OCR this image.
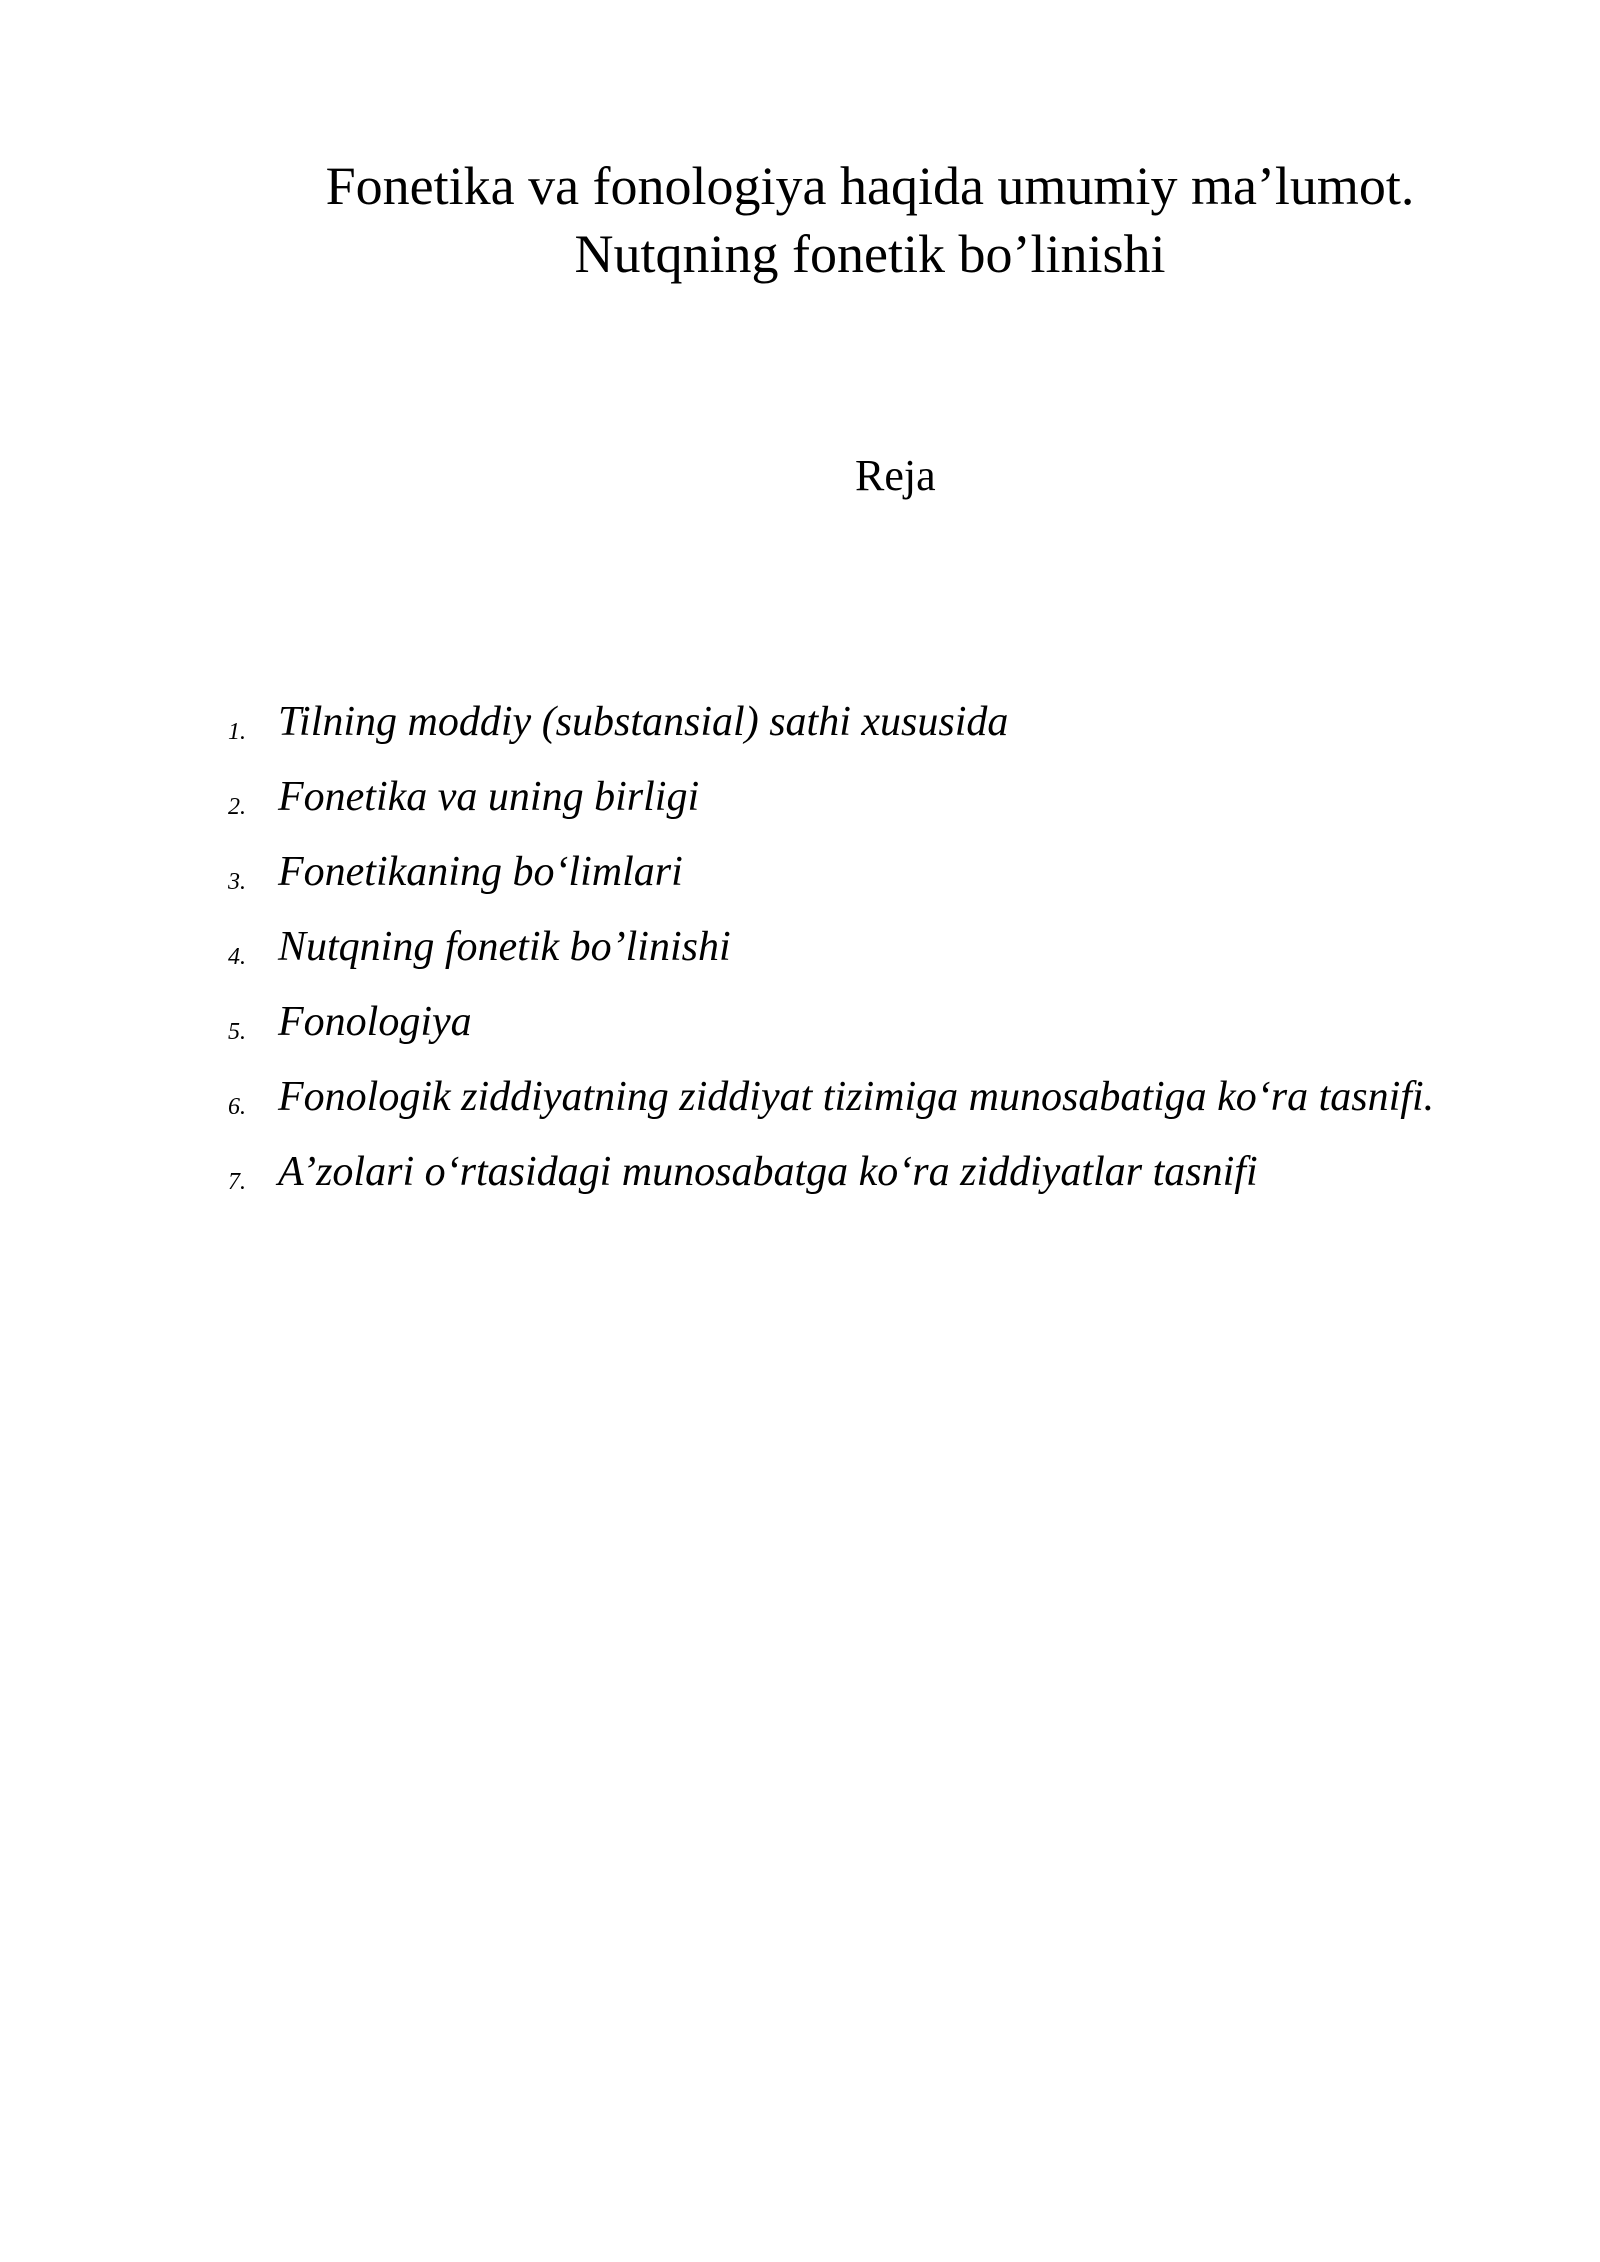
Fonetika va fonologiya haqida umumiy ma’lumot.
Nutqning fonetik bo’linishi

Reja

1. Tilning moddiy (substansial) sathi xususida
2. Fonetika va uning birligi
3. Fonetikaning bo‘limlari
4. Nutqning fonetik bo’linishi
5. Fonologiya
6. Fonologik ziddiyatning ziddiyat tizimiga munosabatiga ko‘ra tasnifi.
7. A’zolari o‘rtasidagi munosabatga ko‘ra ziddiyatlar tasnifi
